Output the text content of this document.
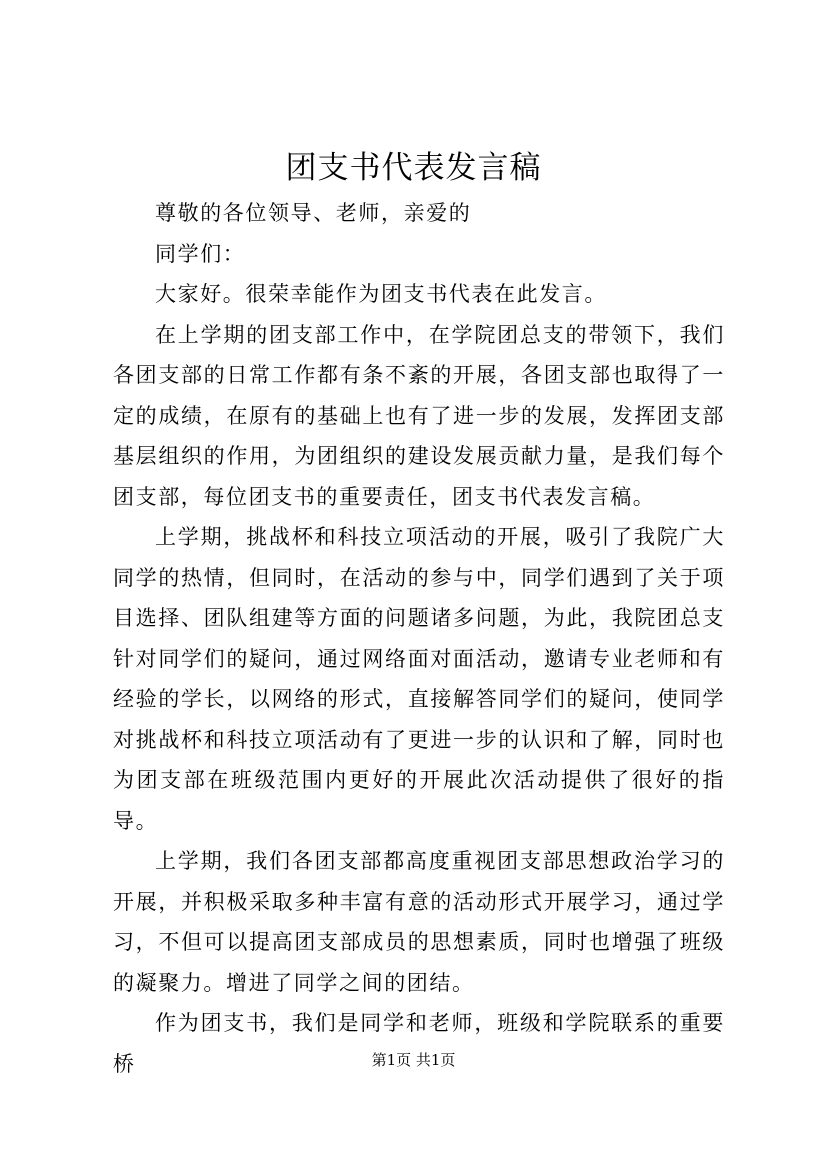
团支书代表发言稿

尊敬的各位领导、老师，亲爱的

同学们：

大家好。很荣幸能作为团支书代表在此发言。

在上学期的团支部工作中，在学院团总支的带领下，我们各团支部的日常工作都有条不紊的开展，各团支部也取得了一定的成绩，在原有的基础上也有了进一步的发展，发挥团支部基层组织的作用，为团组织的建设发展贡献力量，是我们每个团支部，每位团支书的重要责任，团支书代表发言稿。

上学期，挑战杯和科技立项活动的开展，吸引了我院广大同学的热情，但同时，在活动的参与中，同学们遇到了关于项目选择、团队组建等方面的问题诸多问题，为此，我院团总支针对同学们的疑问，通过网络面对面活动，邀请专业老师和有经验的学长，以网络的形式，直接解答同学们的疑问，使同学对挑战杯和科技立项活动有了更进一步的认识和了解，同时也为团支部在班级范围内更好的开展此次活动提供了很好的指导。

上学期，我们各团支部都高度重视团支部思想政治学习的开展，并积极采取多种丰富有意的活动形式开展学习，通过学习，不但可以提高团支部成员的思想素质，同时也增强了班级的凝聚力。增进了同学之间的团结。

作为团支书，我们是同学和老师，班级和学院联系的重要桥	第1页 共1页
